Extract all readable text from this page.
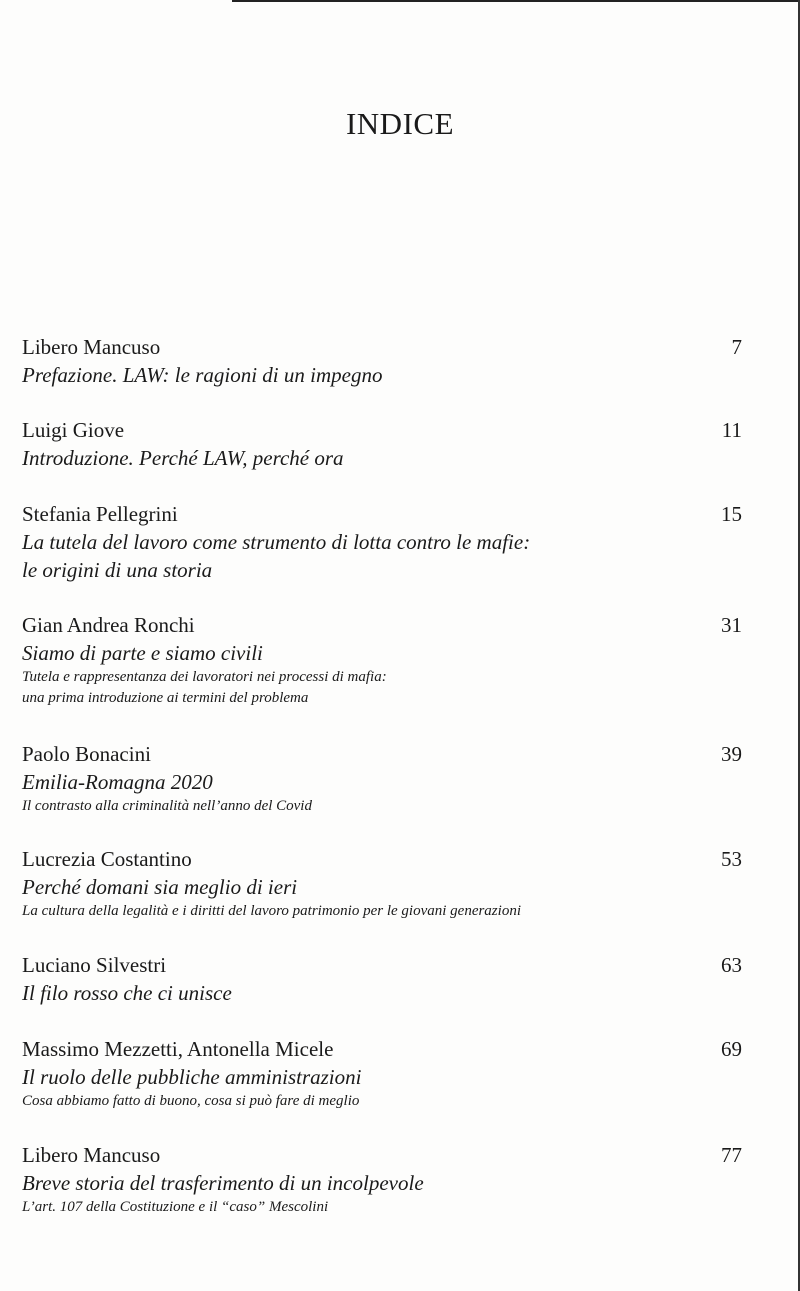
INDICE
Libero Mancuso	7
Prefazione. LAW: le ragioni di un impegno
Luigi Giove	11
Introduzione. Perché LAW, perché ora
Stefania Pellegrini	15
La tutela del lavoro come strumento di lotta contro le mafie:
le origini di una storia
Gian Andrea Ronchi	31
Siamo di parte e siamo civili
Tutela e rappresentanza dei lavoratori nei processi di mafia:
una prima introduzione ai termini del problema
Paolo Bonacini	39
Emilia-Romagna 2020
Il contrasto alla criminalità nell’anno del Covid
Lucrezia Costantino	53
Perché domani sia meglio di ieri
La cultura della legalità e i diritti del lavoro patrimonio per le giovani generazioni
Luciano Silvestri	63
Il filo rosso che ci unisce
Massimo Mezzetti, Antonella Micele	69
Il ruolo delle pubbliche amministrazioni
Cosa abbiamo fatto di buono, cosa si può fare di meglio
Libero Mancuso	77
Breve storia del trasferimento di un incolpevole
L’art. 107 della Costituzione e il “caso” Mescolini
